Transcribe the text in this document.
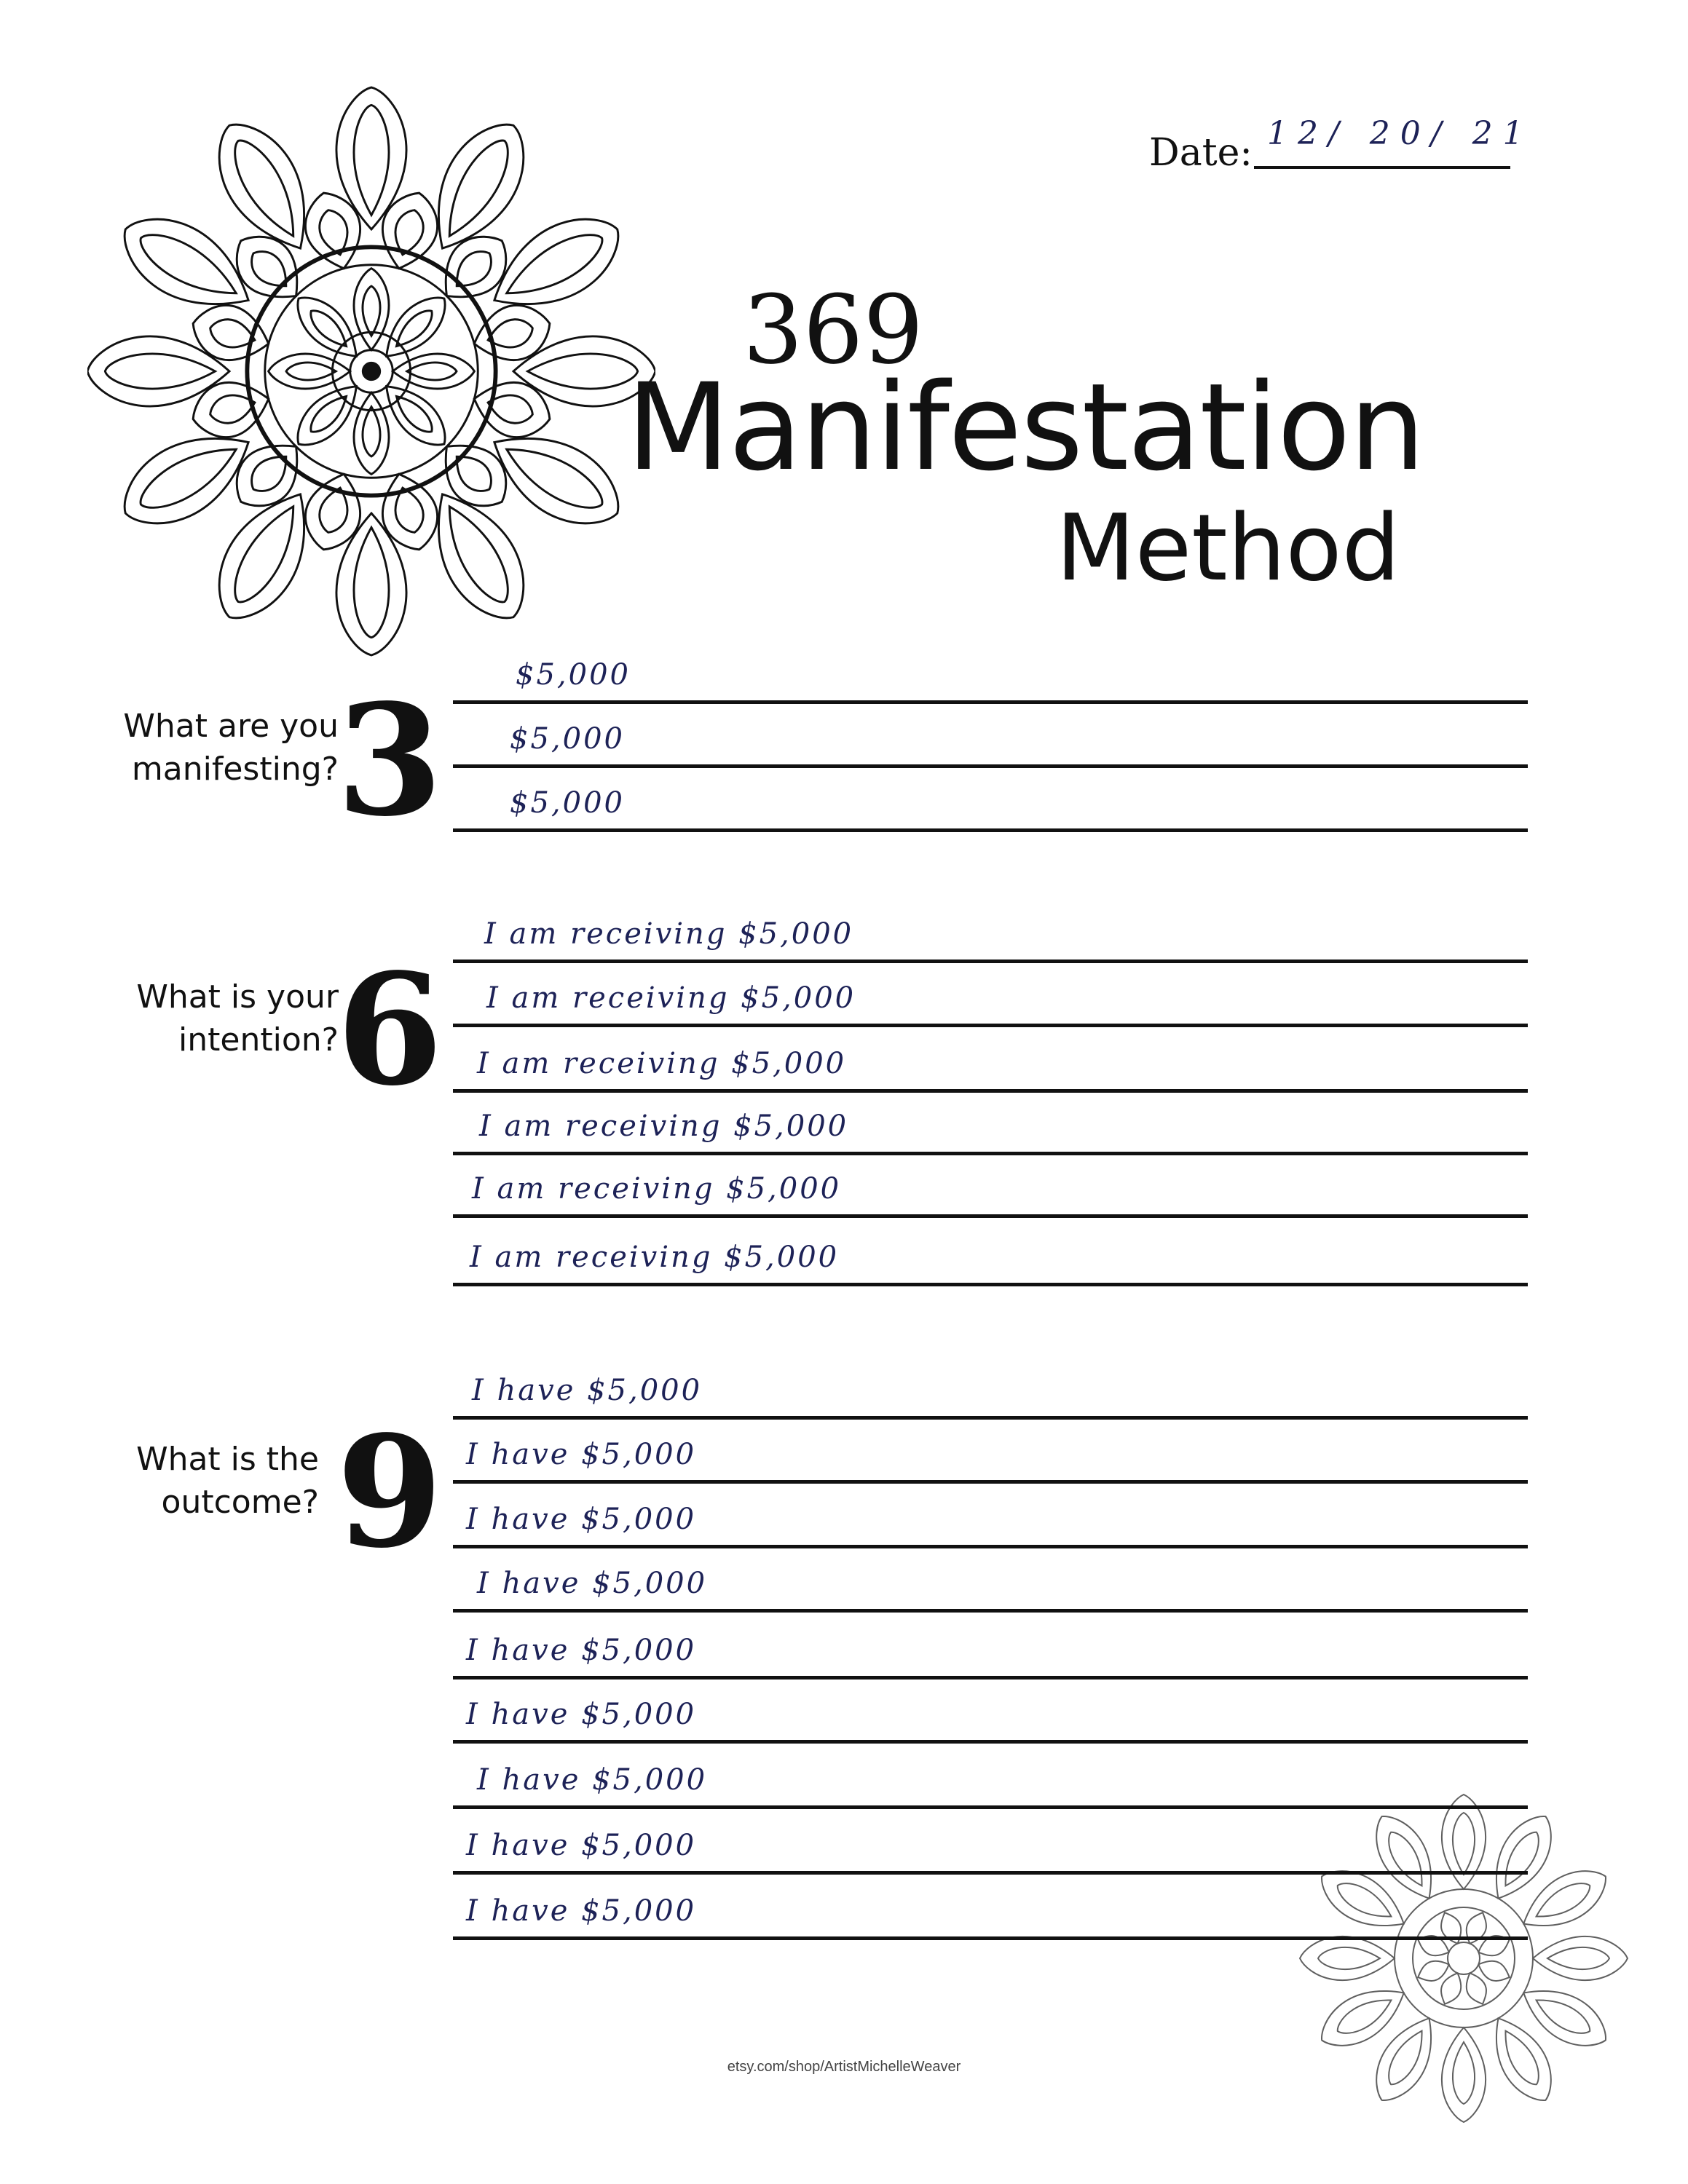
Date: 12/ 20/ 21
369
Manifestation
Method
What are you
manifesting?
3 $5,000
$5,000
$5,000
What is your
intention?
6
I am receiving $5,000
I am receiving $5,000
I am receiving $5,000
I am receiving $5,000
I am receiving $5,000
I am receiving $5,000
What is the
outcome? 9
I have $5,000
I have $5,000
I have $5,000
I have $5,000
I have $5,000
I have $5,000
I have $5,000
I have $5,000
I have $5,000
etsy.com/shop/ArtistMichelleWeaver
